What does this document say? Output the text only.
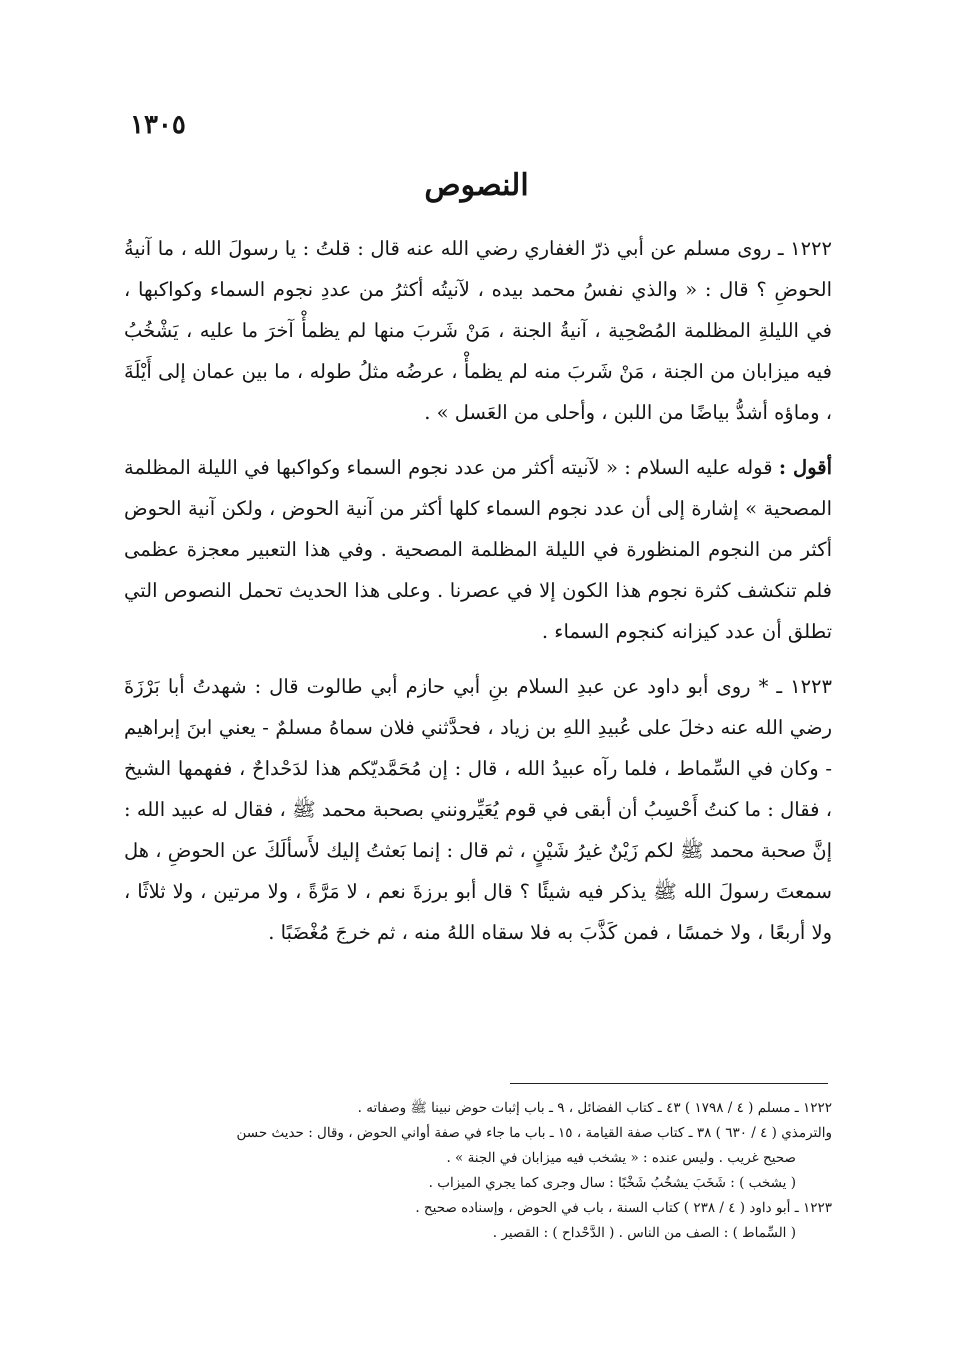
١٣٠٥
النصوص

١٢٢٢ ـ روى مسلم عن أبي ذرّ الغفاري رضي الله عنه قال : قلتُ : يا رسولَ الله ، ما آنيةُ الحوضِ ؟ قال : « والذي نفسُ محمد بيده ، لآنيتُه أكثرُ من عددِ نجوم السماء وكواكبها ، في الليلةِ المظلمة المُصْحِية ، آنيةُ الجنة ، مَنْ شَربَ منها لم يظمأْ آخرَ ما عليه ، يَشْخُبُ فيه ميزابان من الجنة ، مَنْ شَربَ منه لم يظمأْ ، عرضُه مثلُ طوله ، ما بين عمان إلى أَيْلَةَ ، وماؤه أشدُّ بياضًا من اللبن ، وأحلى من العَسل » .

أقول : قوله عليه السلام : « لآنيته أكثر من عدد نجوم السماء وكواكبها في الليلة المظلمة المصحية » إشارة إلى أن عدد نجوم السماء كلها أكثر من آنية الحوض ، ولكن آنية الحوض أكثر من النجوم المنظورة في الليلة المظلمة المصحية . وفي هذا التعبير معجزة عظمى فلم تنكشف كثرة نجوم هذا الكون إلا في عصرنا . وعلى هذا الحديث تحمل النصوص التي تطلق أن عدد كيزانه كنجوم السماء .

١٢٢٣ ـ * روى أبو داود عن عبدِ السلام بنِ أبي حازم أبي طالوت قال : شهدتُ أبا بَرْزَةَ رضي الله عنه دخلَ على عُبيدِ اللهِ بن زياد ، فحدَّثني فلان سماهُ مسلمٌ - يعني ابنَ إبراهيم - وكان في السِّماط ، فلما رآه عبيدُ الله ، قال : إن مُحَمَّديّكم هذا لدَحْداحٌ ، ففهمها الشيخ ، فقال : ما كنتُ أَحْسِبُ أن أبقى في قوم يُعَيِّرونني بصحبة محمد ﷺ ، فقال له عبيد الله : إنَّ صحبة محمد ﷺ لكم زَيْنٌ غيرُ شَيْنٍ ، ثم قال : إنما بَعثتُ إليك لأَسألَكَ عن الحوضِ ، هل سمعتَ رسولَ الله ﷺ يذكر فيه شيئًا ؟ قال أبو برزةَ نعم ، لا مَرَّةً ، ولا مرتين ، ولا ثلاثًا ، ولا أربعًا ، ولا خمسًا ، فمن كَذَّبَ به فلا سقاه اللهُ منه ، ثم خرجَ مُغْضَبًا .

١٢٢٢ ـ مسلم ( ٤ / ١٧٩٨ ) ٤٣ ـ كتاب الفضائل ، ٩ ـ باب إثبات حوض نبينا ﷺ وصفاته .
والترمذي ( ٤ / ٦٣٠ ) ٣٨ ـ كتاب صفة القيامة ، ١٥ ـ باب ما جاء في صفة أواني الحوض ، وقال : حديث حسن
صحيح غريب . وليس عنده : « يشخب فيه ميزابان في الجنة » .
( يشخب ) : شَخَبَ يشخُبُ شَخْبًا : سال وجرى كما يجري الميزاب .
١٢٢٣ ـ أبو داود ( ٤ / ٢٣٨ ) كتاب السنة ، باب في الحوض ، وإسناده صحيح .
( السِّماط ) : الصف من الناس . ( الدَّحْداح ) : القصير .
